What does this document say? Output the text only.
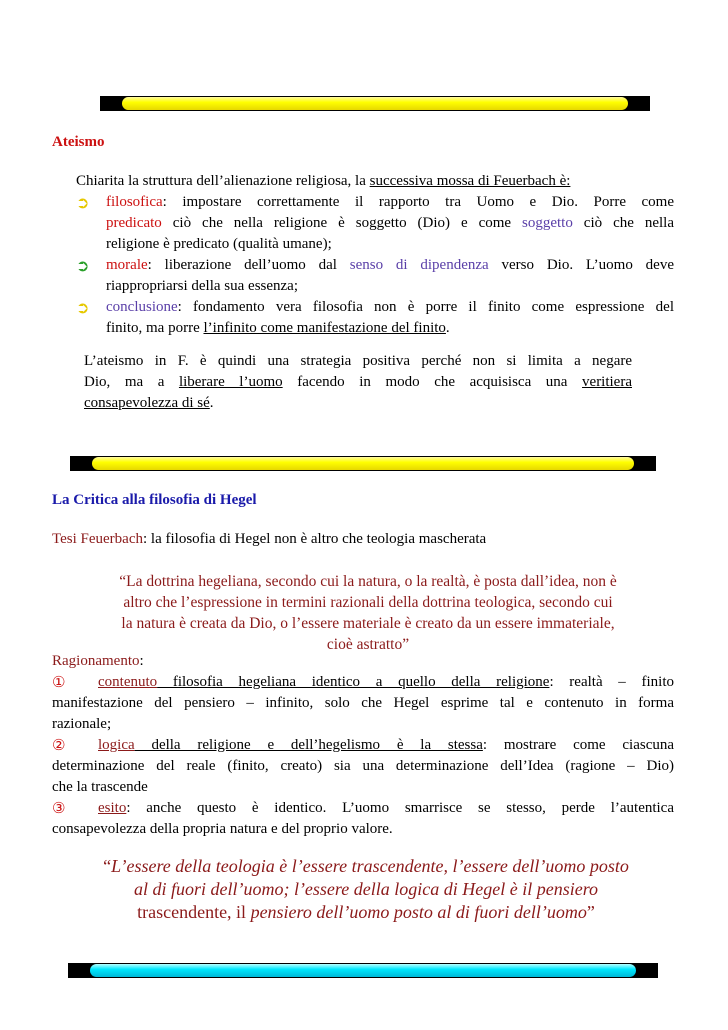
Ateismo
Chiarita la struttura dell’alienazione religiosa, la successiva mossa di Feuerbach è:
➲ filosofica: impostare correttamente il rapporto tra Uomo e Dio. Porre come
predicato ciò che nella religione è soggetto (Dio) e come soggetto ciò che nella
religione è predicato (qualità umane);
➲ morale: liberazione dell’uomo dal senso di dipendenza verso Dio. L’uomo deve
riappropriarsi della sua essenza;
➲ conclusione: fondamento vera filosofia non è porre il finito come espressione del
finito, ma porre l’infinito come manifestazione del finito.
L’ateismo in F. è quindi una strategia positiva perché non si limita a negare
Dio, ma a liberare l’uomo facendo in modo che acquisisca una veritiera
consapevolezza di sé.
La Critica alla filosofia di Hegel
Tesi Feuerbach: la filosofia di Hegel non è altro che teologia mascherata
“La dottrina hegeliana, secondo cui la natura, o la realtà, è posta dall’idea, non è
altro che l’espressione in termini razionali della dottrina teologica, secondo cui
la natura è creata da Dio, o l’essere materiale è creato da un essere immateriale,
cioè astratto”
Ragionamento:
① contenuto filosofia hegeliana identico a quello della religione: realtà – finito
manifestazione del pensiero – infinito, solo che Hegel esprime tal e contenuto in forma
razionale;
② logica della religione e dell’hegelismo è la stessa: mostrare come ciascuna
determinazione del reale (finito, creato) sia una determinazione dell’Idea (ragione – Dio)
che la trascende
③ esito: anche questo è identico. L’uomo smarrisce se stesso, perde l’autentica
consapevolezza della propria natura e del proprio valore.
“L’essere della teologia è l’essere trascendente, l’essere dell’uomo posto
al di fuori dell’uomo; l’essere della logica di Hegel è il pensiero
trascendente, il pensiero dell’uomo posto al di fuori dell’uomo”
